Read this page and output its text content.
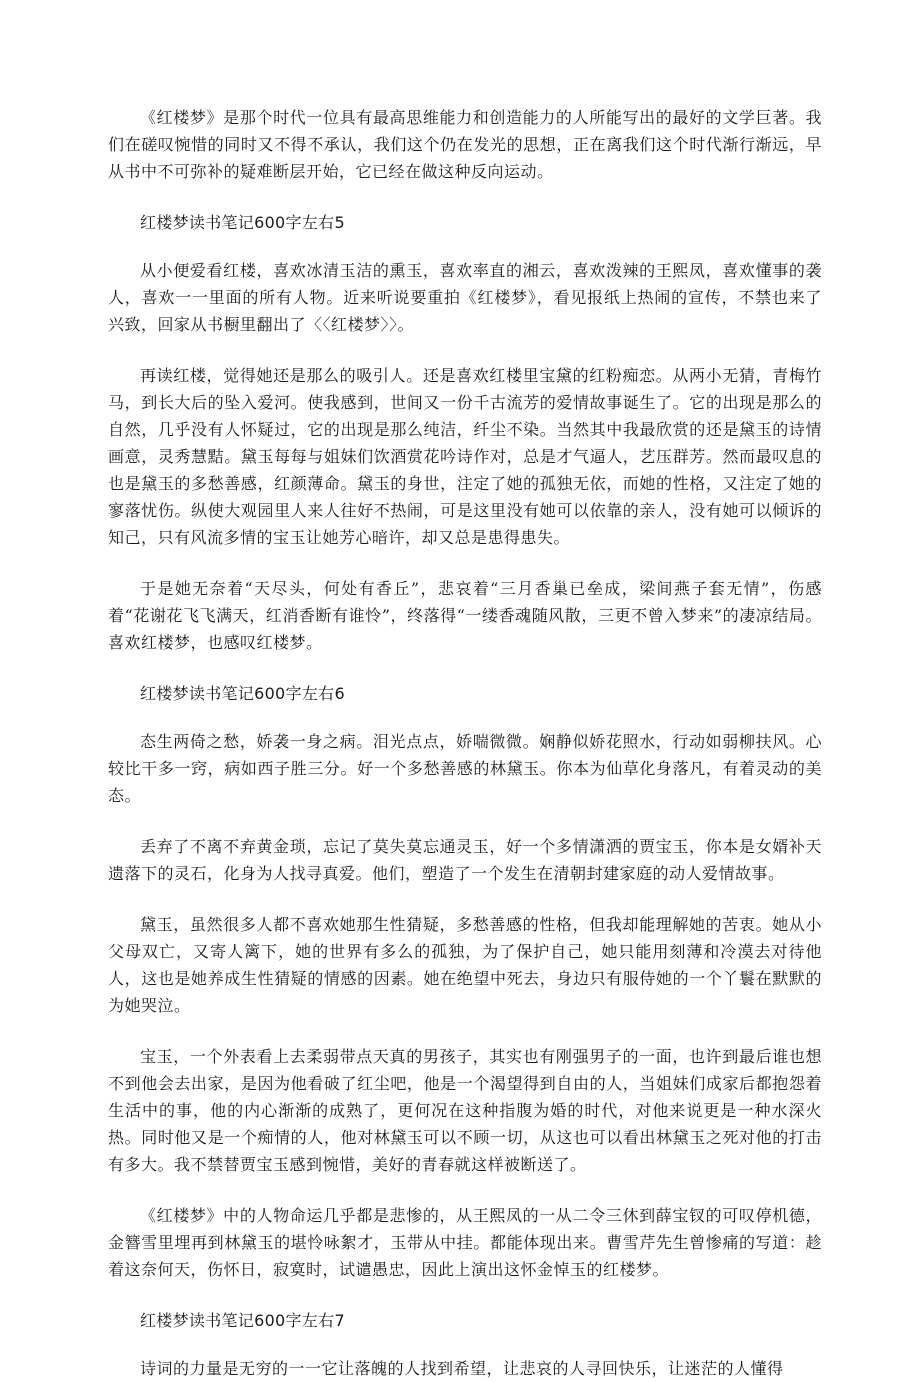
《红楼梦》是那个时代一位具有最高思维能力和创造能力的人所能写出的最好的文学巨著。我们在磋叹惋惜的同时又不得不承认，我们这个仍在发光的思想，正在离我们这个时代渐行渐远，早从书中不可弥补的疑难断层开始，它已经在做这种反向运动。

红楼梦读书笔记600字左右5

从小便爱看红楼，喜欢冰清玉洁的熏玉，喜欢率直的湘云，喜欢泼辣的王熙凤，喜欢懂事的袭人，喜欢一一里面的所有人物。近来听说要重拍《红楼梦》，看见报纸上热闹的宣传，不禁也来了兴致，回家从书橱里翻出了〈〈红楼梦〉〉。

再读红楼，觉得她还是那么的吸引人。还是喜欢红楼里宝黛的红粉痴恋。从两小无猜，青梅竹马，到长大后的坠入爱河。使我感到，世间又一份千古流芳的爱情故事诞生了。它的出现是那么的自然，几乎没有人怀疑过，它的出现是那么纯洁，纤尘不染。当然其中我最欣赏的还是黛玉的诗情画意，灵秀慧黠。黛玉每每与姐妹们饮酒赏花吟诗作对，总是才气逼人，艺压群芳。然而最叹息的也是黛玉的多愁善感，红颜薄命。黛玉的身世，注定了她的孤独无依，而她的性格，又注定了她的寥落忧伤。纵使大观园里人来人往好不热闹，可是这里没有她可以依靠的亲人，没有她可以倾诉的知己，只有风流多情的宝玉让她芳心暗许，却又总是患得患失。

于是她无奈着“天尽头，何处有香丘”，悲哀着“三月香巢已垒成，梁间燕子套无情”，伤感着“花谢花飞飞满天，红消香断有谁怜”，终落得“一缕香魂随风散，三更不曾入梦来”的凄凉结局。喜欢红楼梦，也感叹红楼梦。

红楼梦读书笔记600字左右6

态生两倚之愁，娇袭一身之病。泪光点点，娇喘微微。娴静似娇花照水，行动如弱柳扶风。心较比干多一窍，病如西子胜三分。好一个多愁善感的林黛玉。你本为仙草化身落凡，有着灵动的美态。

丢弃了不离不弃黄金琐，忘记了莫失莫忘通灵玉，好一个多情潇洒的贾宝玉，你本是女婿补天遗落下的灵石，化身为人找寻真爱。他们，塑造了一个发生在清朝封建家庭的动人爱情故事。

黛玉，虽然很多人都不喜欢她那生性猜疑，多愁善感的性格，但我却能理解她的苦衷。她从小父母双亡，又寄人篱下，她的世界有多么的孤独，为了保护自己，她只能用刻薄和冷漠去对待他人，这也是她养成生性猜疑的情感的因素。她在绝望中死去，身边只有服侍她的一个丫鬟在默默的为她哭泣。

宝玉，一个外表看上去柔弱带点天真的男孩子，其实也有刚强男子的一面，也许到最后谁也想不到他会去出家，是因为他看破了红尘吧，他是一个渴望得到自由的人，当姐妹们成家后都抱怨着生活中的事，他的内心渐渐的成熟了，更何况在这种指腹为婚的时代，对他来说更是一种水深火热。同时他又是一个痴情的人，他对林黛玉可以不顾一切，从这也可以看出林黛玉之死对他的打击有多大。我不禁替贾宝玉感到惋惜，美好的青春就这样被断送了。

《红楼梦》中的人物命运几乎都是悲惨的，从王熙凤的一从二令三休到薛宝钗的可叹停机德，金簪雪里埋再到林黛玉的堪怜咏絮才，玉带从中挂。都能体现出来。曹雪芹先生曾惨痛的写道：趁着这奈何天，伤怀日，寂寞时，试谴愚忠，因此上演出这怀金悼玉的红楼梦。

红楼梦读书笔记600字左右7

诗词的力量是无穷的一一它让落魄的人找到希望，让悲哀的人寻回快乐，让迷茫的人懂得
